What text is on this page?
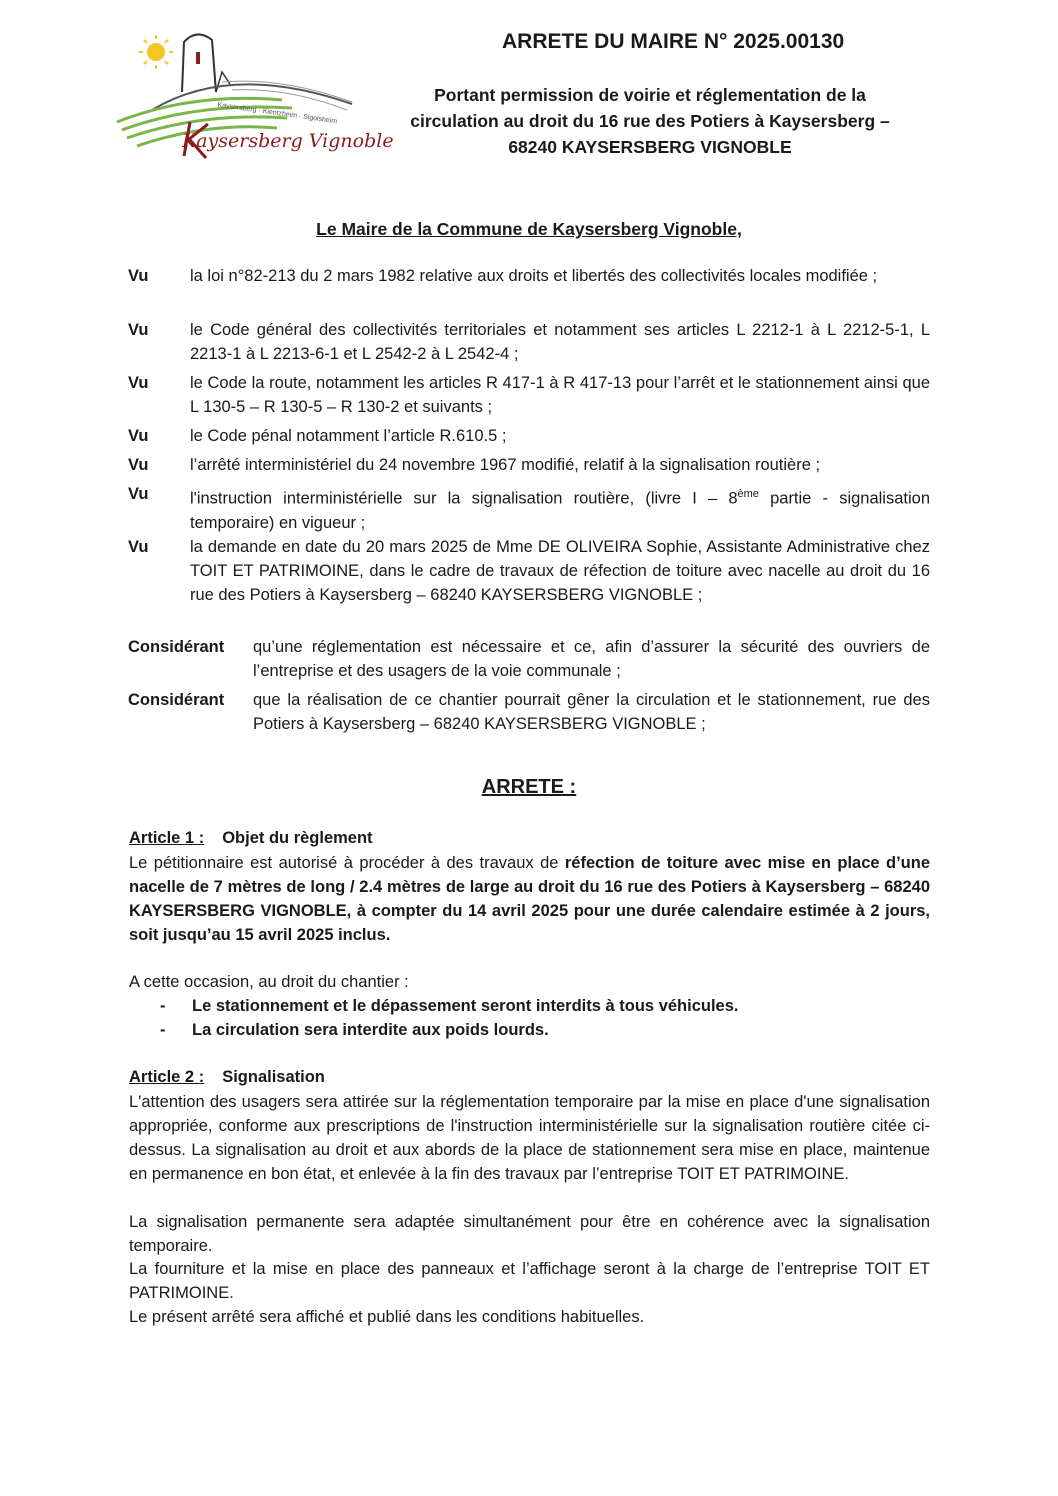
Kaysersberg · Kientzheim · Sigolsheim
Kaysersberg Vignoble
ARRETE DU MAIRE N° 2025.00130
Portant permission de voirie et réglementation de la
circulation au droit du 16 rue des Potiers à Kaysersberg –
68240 KAYSERSBERG VIGNOBLE
Le Maire de la Commune de Kaysersberg Vignoble,
Vu	la loi n°82-213 du 2 mars 1982 relative aux droits et libertés des collectivités locales modifiée ;
Vu	le Code général des collectivités territoriales et notamment ses articles L 2212-1 à L 2212-5-1, L 2213-1 à L 2213-6-1 et L 2542-2 à L 2542-4 ;
Vu	le Code la route, notamment les articles R 417-1 à R 417-13 pour l’arrêt et le stationnement ainsi que L 130-5 – R 130-5 – R 130-2 et suivants ;
Vu	le Code pénal notamment l’article R.610.5 ;
Vu	l’arrêté interministériel du 24 novembre 1967 modifié, relatif à la signalisation routière ;
Vu	l'instruction interministérielle sur la signalisation routière, (livre I – 8ème partie - signalisation temporaire) en vigueur ;
Vu	la demande en date du 20 mars 2025 de Mme DE OLIVEIRA Sophie, Assistante Administrative chez TOIT ET PATRIMOINE, dans le cadre de travaux de réfection de toiture avec nacelle au droit du 16 rue des Potiers à Kaysersberg – 68240 KAYSERSBERG VIGNOBLE ;
Considérant qu’une réglementation est nécessaire et ce, afin d’assurer la sécurité des ouvriers de l’entreprise et des usagers de la voie communale ;
Considérant que la réalisation de ce chantier pourrait gêner la circulation et le stationnement, rue des Potiers à Kaysersberg – 68240 KAYSERSBERG VIGNOBLE ;
ARRETE :
Article 1 : Objet du règlement
Le pétitionnaire est autorisé à procéder à des travaux de réfection de toiture avec mise en place d’une nacelle de 7 mètres de long / 2.4 mètres de large au droit du 16 rue des Potiers à Kaysersberg – 68240 KAYSERSBERG VIGNOBLE, à compter du 14 avril 2025 pour une durée calendaire estimée à 2 jours, soit jusqu’au 15 avril 2025 inclus.
A cette occasion, au droit du chantier :
- Le stationnement et le dépassement seront interdits à tous véhicules.
- La circulation sera interdite aux poids lourds.
Article 2 : Signalisation
L'attention des usagers sera attirée sur la réglementation temporaire par la mise en place d'une signalisation appropriée, conforme aux prescriptions de l'instruction interministérielle sur la signalisation routière citée ci-dessus. La signalisation au droit et aux abords de la place de stationnement sera mise en place, maintenue en permanence en bon état, et enlevée à la fin des travaux par l’entreprise TOIT ET PATRIMOINE.
La signalisation permanente sera adaptée simultanément pour être en cohérence avec la signalisation temporaire.
La fourniture et la mise en place des panneaux et l’affichage seront à la charge de l’entreprise TOIT ET PATRIMOINE.
Le présent arrêté sera affiché et publié dans les conditions habituelles.
